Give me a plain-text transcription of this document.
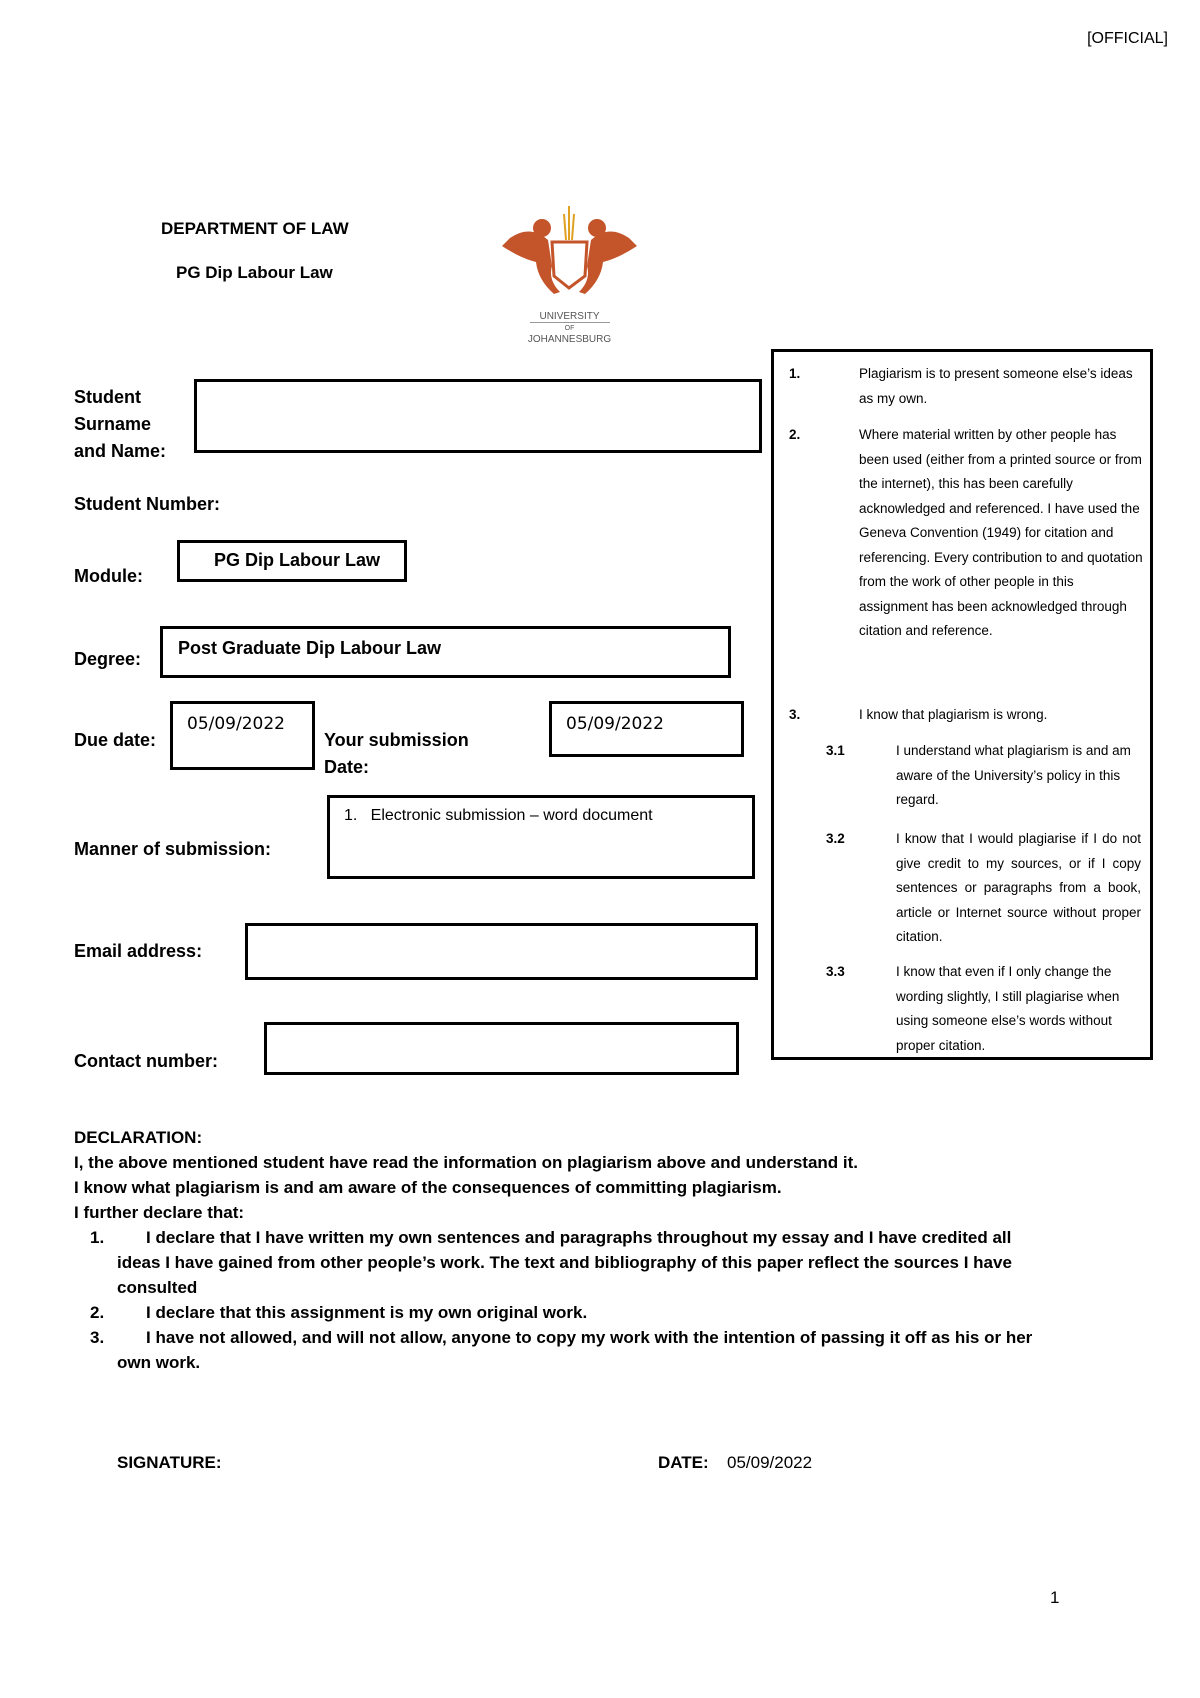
[OFFICIAL]
DEPARTMENT OF LAW
PG Dip Labour Law
UNIVERSITY
OF
JOHANNESBURG
Student Surname and Name:
Student Number:
Module:
PG Dip Labour Law
Degree:
Post Graduate Dip Labour Law
Due date:
05/09/2022
Your submission
Date:
05/09/2022
Manner of submission:
1.   Electronic submission – word document
Email address:
Contact number:
1.	Plagiarism is to present someone else’s ideas as my own.
2.	Where material written by other people has been used (either from a printed source or from the internet), this has been carefully acknowledged and referenced. I have used the Geneva Convention (1949) for citation and referencing. Every contribution to and quotation from the work of other people in this assignment has been acknowledged through citation and reference.
3.	I know that plagiarism is wrong.
3.1	I understand what plagiarism is and am aware of the University’s policy in this regard.
3.2	I know that I would plagiarise if I do not give credit to my sources, or if I copy sentences or paragraphs from a book, article or Internet source without proper citation.
3.3	I know that even if I only change the wording slightly, I still plagiarise when using someone else’s words without proper citation.
DECLARATION:
I, the above mentioned student have read the information on plagiarism above and understand it.
I know what plagiarism is and am aware of the consequences of committing plagiarism.
I further declare that:
1.	I declare that I have written my own sentences and paragraphs throughout my essay and I have credited all ideas I have gained from other people’s work. The text and bibliography of this paper reflect the sources I have consulted
2.	I declare that this assignment is my own original work.
3.	I have not allowed, and will not allow, anyone to copy my work with the intention of passing it off as his or her own work.
SIGNATURE:	DATE:	05/09/2022
1
